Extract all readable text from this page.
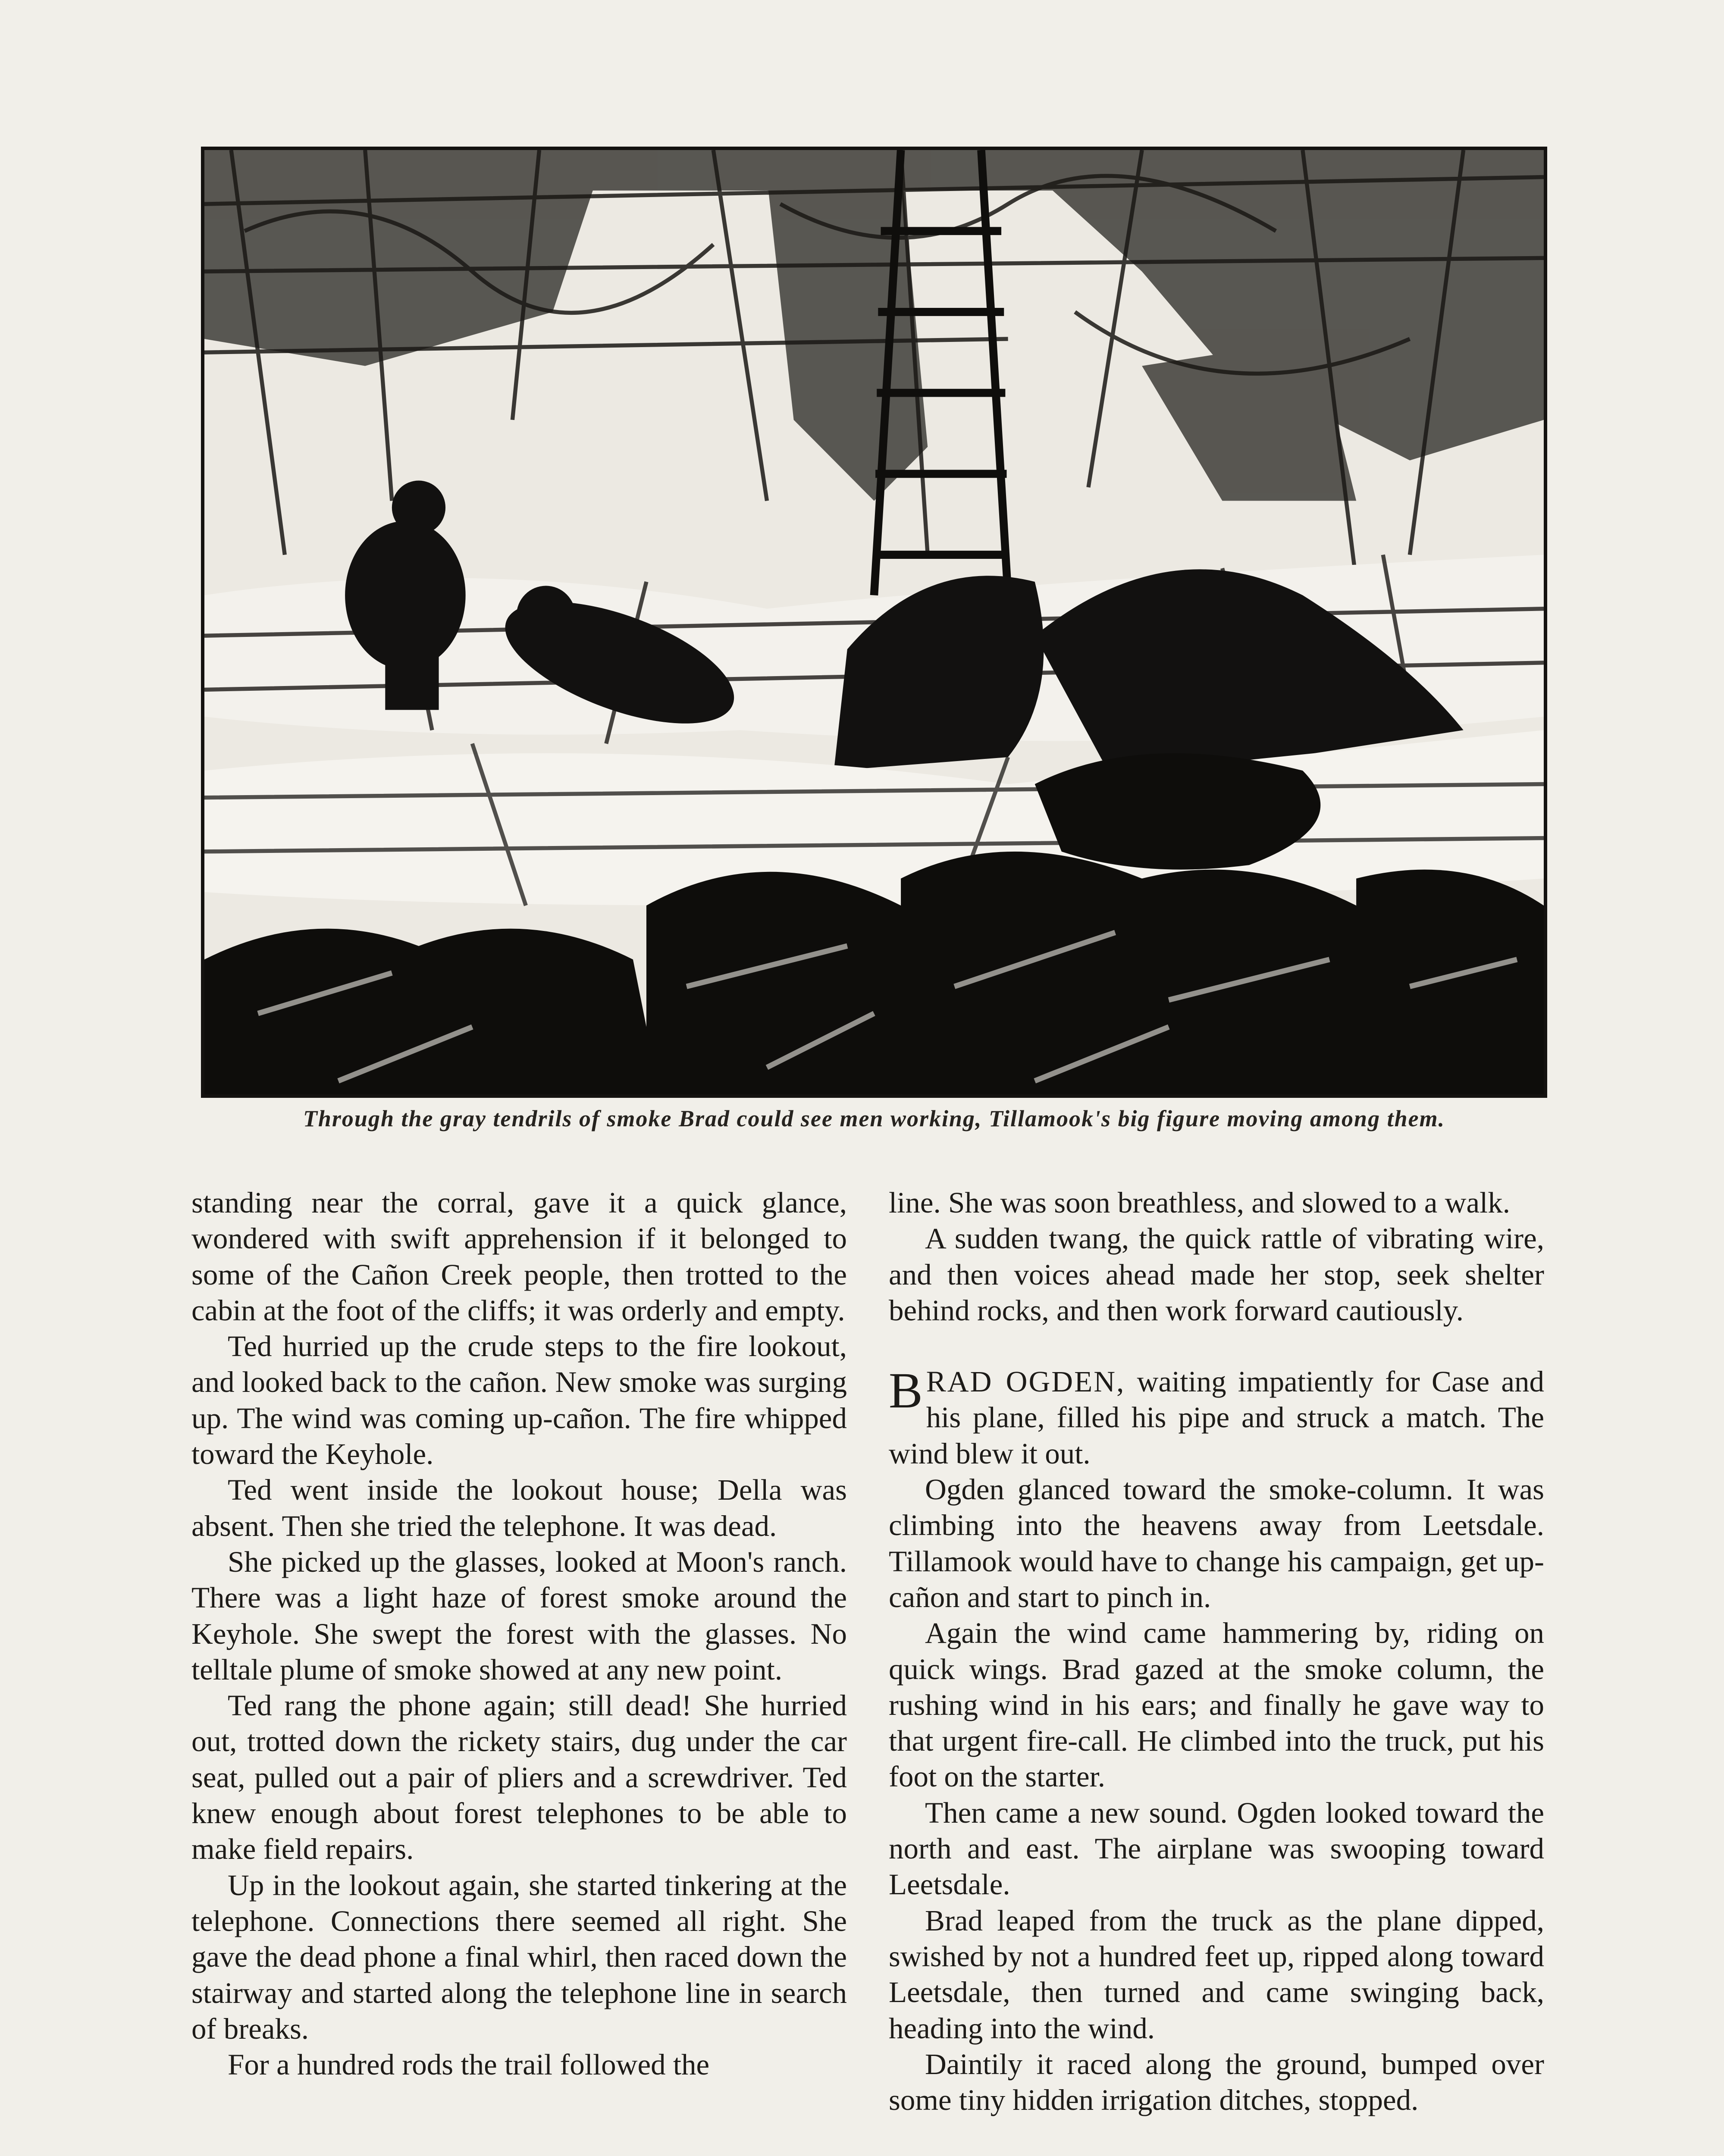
Through the gray tendrils of smoke Brad could see men working, Tillamook's big figure moving among them.

standing near the corral, gave it a quick glance, wondered with swift apprehension if it belonged to some of the Cañon Creek people, then trotted to the cabin at the foot of the cliffs; it was orderly and empty.

Ted hurried up the crude steps to the fire lookout, and looked back to the cañon. New smoke was surging up. The wind was coming up-cañon. The fire whipped toward the Keyhole.

Ted went inside the lookout house; Della was absent. Then she tried the telephone. It was dead.

She picked up the glasses, looked at Moon's ranch. There was a light haze of forest smoke around the Keyhole. She swept the forest with the glasses. No telltale plume of smoke showed at any new point.

Ted rang the phone again; still dead! She hurried out, trotted down the rickety stairs, dug under the car seat, pulled out a pair of pliers and a screwdriver. Ted knew enough about forest telephones to be able to make field repairs.

Up in the lookout again, she started tinkering at the telephone. Connections there seemed all right. She gave the dead phone a final whirl, then raced down the stairway and started along the telephone line in search of breaks.

For a hundred rods the trail followed the

line. She was soon breathless, and slowed to a walk.

A sudden twang, the quick rattle of vibrating wire, and then voices ahead made her stop, seek shelter behind rocks, and then work forward cautiously.

BRAD OGDEN, waiting impatiently for Case and his plane, filled his pipe and struck a match. The wind blew it out.

Ogden glanced toward the smoke-column. It was climbing into the heavens away from Leetsdale. Tillamook would have to change his campaign, get up-cañon and start to pinch in.

Again the wind came hammering by, riding on quick wings. Brad gazed at the smoke column, the rushing wind in his ears; and finally he gave way to that urgent fire-call. He climbed into the truck, put his foot on the starter.

Then came a new sound. Ogden looked toward the north and east. The airplane was swooping toward Leetsdale.

Brad leaped from the truck as the plane dipped, swished by not a hundred feet up, ripped along toward Leetsdale, then turned and came swinging back, heading into the wind.

Daintily it raced along the ground, bumped over some tiny hidden irrigation ditches, stopped.
